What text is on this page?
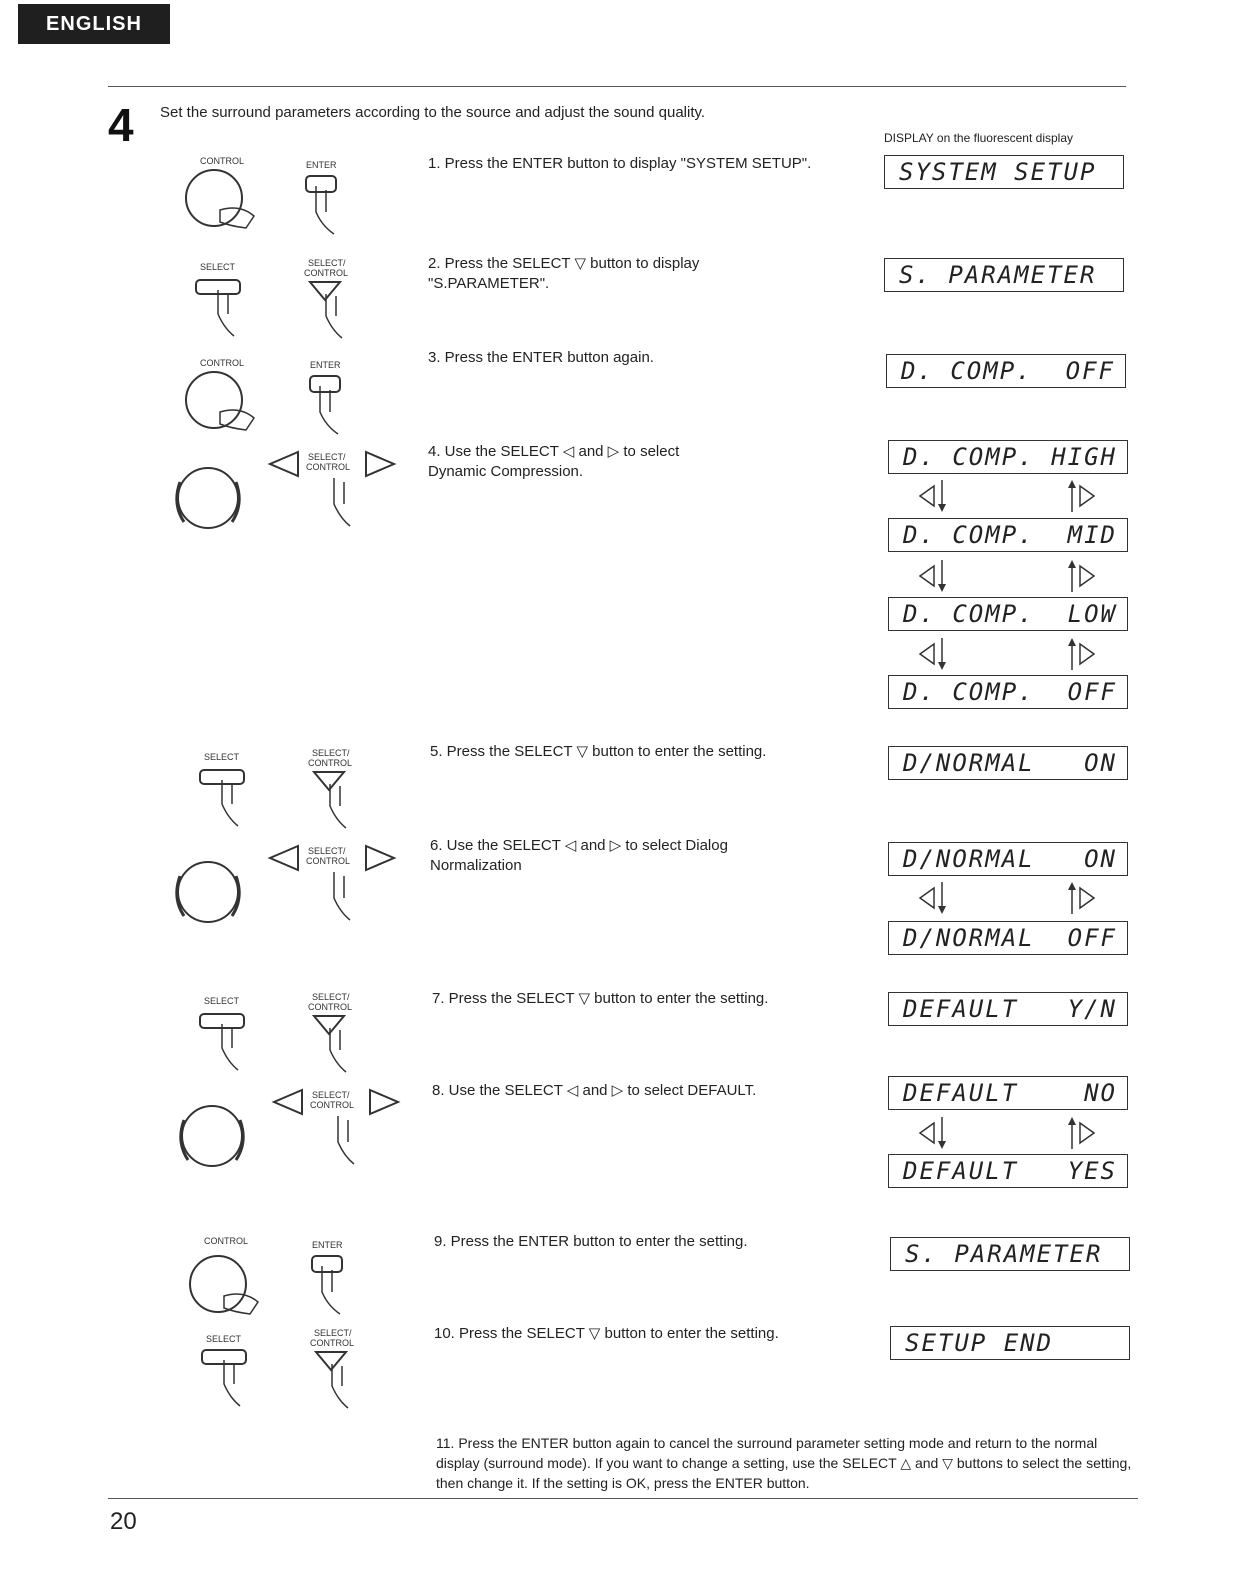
ENGLISH
4 Set the surround parameters according to the source and adjust the sound quality.
DISPLAY on the fluorescent display
1. Press the ENTER button to display "SYSTEM SETUP".
2. Press the SELECT ▽ button to display "S.PARAMETER".
3. Press the ENTER button again.
4. Use the SELECT ◁ and ▷ to select Dynamic Compression.
5. Press the SELECT ▽ button to enter the setting.
6. Use the SELECT ◁ and ▷ to select Dialog Normalization
7. Press the SELECT ▽ button to enter the setting.
8. Use the SELECT ◁ and ▷ to select DEFAULT.
9. Press the ENTER button to enter the setting.
10. Press the SELECT ▽ button to enter the setting.
11. Press the ENTER button again to cancel the surround parameter setting mode and return to the normal display (surround mode). If you want to change a setting, use the SELECT △ and ▽ buttons to select the setting, then change it. If the setting is OK, press the ENTER button.
20
SYSTEM SETUP
S. PARAMETER
D. COMP. OFF
D. COMP. HIGH
D. COMP. MID
D. COMP. LOW
D. COMP. OFF
D/NORMAL ON
D/NORMAL ON
D/NORMAL OFF
DEFAULT Y/N
DEFAULT	NO
DEFAULT YES
S. PARAMETER
SETUP END
ENTER
CONTROL
SELECT	SELECT/
CONTROL
ENTER
CONTROL
SELECT/
CONTROL
SELECT	SELECT/
CONTROL
SELECT/
CONTROL
SELECT	SELECT/
CONTROL
SELECT/
CONTROL
ENTER
CONTROL
SELECT
SELECT/
CONTROL
